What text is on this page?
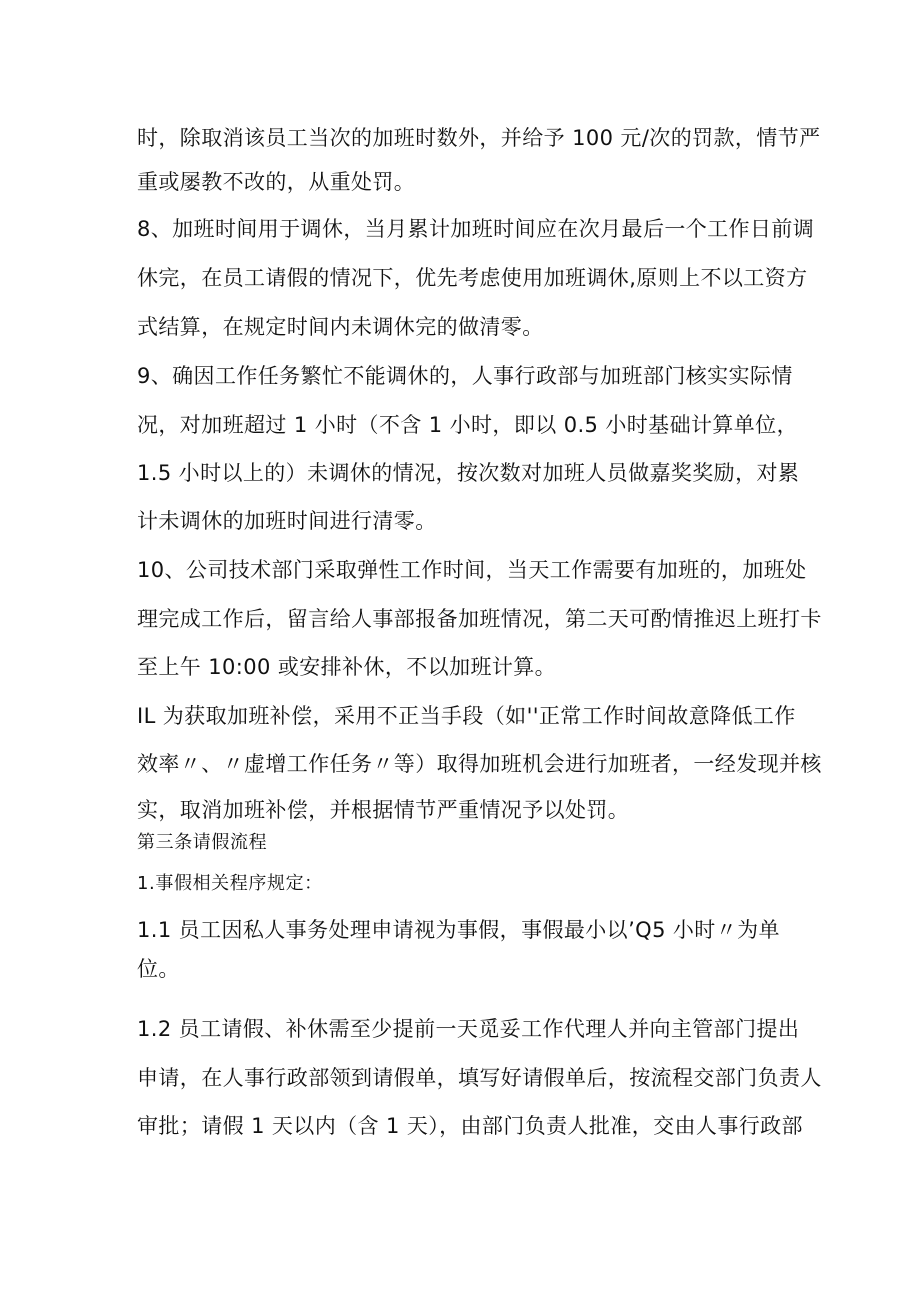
时，除取消该员工当次的加班时数外，并给予 100 元/次的罚款，情节严
重或屡教不改的，从重处罚。
8、加班时间用于调休，当月累计加班时间应在次月最后一个工作日前调
休完，在员工请假的情况下，优先考虑使用加班调休,原则上不以工资方
式结算，在规定时间内未调休完的做清零。
9、确因工作任务繁忙不能调休的，人事行政部与加班部门核实实际情
况，对加班超过 1 小时（不含 1 小时，即以 0.5 小时基础计算单位，
1.5 小时以上的）未调休的情况，按次数对加班人员做嘉奖奖励，对累
计未调休的加班时间进行清零。
10、公司技术部门采取弹性工作时间，当天工作需要有加班的，加班处
理完成工作后，留言给人事部报备加班情况，第二天可酌情推迟上班打卡
至上午 10:00 或安排补休，不以加班计算。
IL 为获取加班补偿，采用不正当手段（如''正常工作时间故意降低工作
效率〃、〃虚增工作任务〃等）取得加班机会进行加班者，一经发现并核
实，取消加班补偿，并根据情节严重情况予以处罚。
第三条请假流程
1.事假相关程序规定：
1.1 员工因私人事务处理申请视为事假，事假最小以’Q5 小时〃为单
位。
1.2 员工请假、补休需至少提前一天觅妥工作代理人并向主管部门提出
申请，在人事行政部领到请假单，填写好请假单后，按流程交部门负责人
审批；请假 1 天以内（含 1 天），由部门负责人批准，交由人事行政部
